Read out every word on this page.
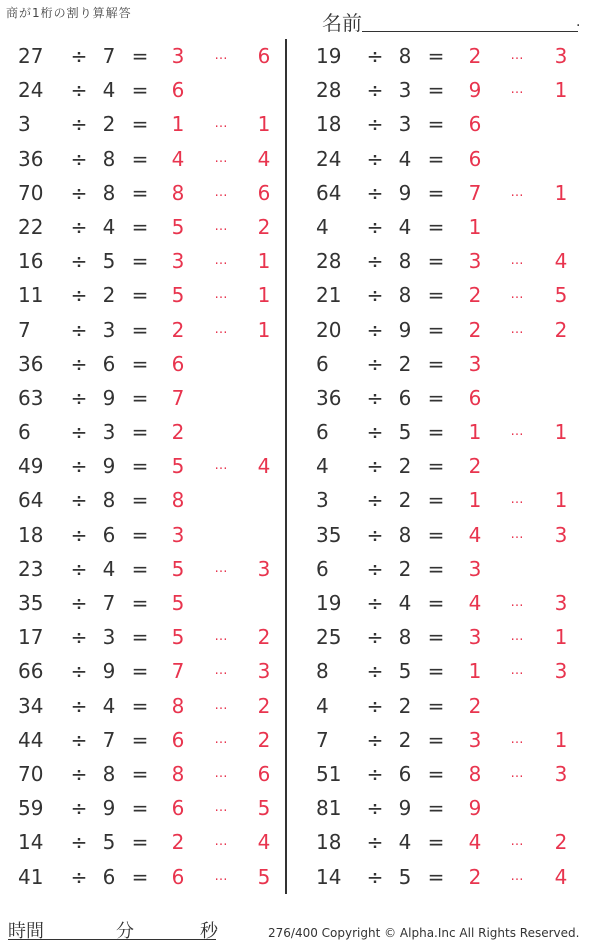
商が1桁の割り算解答	名前	.
27 ÷ 7 = 3	… 6
24 ÷ 4 = 6
3	÷ 2 = 1	… 1
36 ÷ 8 = 4	… 4
70 ÷ 8 = 8	… 6
22 ÷ 4 = 5	… 2
16 ÷ 5 = 3	… 1
11 ÷ 2 = 5	… 1
7	÷ 3 = 2	… 1
36 ÷ 6 = 6
63 ÷ 9 = 7
6	÷ 3 = 2
49 ÷ 9 = 5	… 4
64 ÷ 8 = 8
18 ÷ 6 = 3
23 ÷ 4 = 5	… 3
35 ÷ 7 = 5
17 ÷ 3 = 5	… 2
66 ÷ 9 = 7	… 3
34 ÷ 4 = 8	… 2
44 ÷ 7 = 6	… 2
70 ÷ 8 = 8	… 6
59 ÷ 9 = 6	… 5
14 ÷ 5 = 2	… 4
41 ÷ 6 = 6	… 5
19 ÷ 8 = 2	… 3
28 ÷ 3 = 9	… 1
18 ÷ 3 = 6
24 ÷ 4 = 6
64 ÷ 9 = 7	… 1
4	÷ 4 = 1
28 ÷ 8 = 3	… 4
21 ÷ 8 = 2	… 5
20 ÷ 9 = 2	… 2
6	÷ 2 = 3
36 ÷ 6 = 6
6	÷ 5 = 1	… 1
4	÷ 2 = 2
3	÷ 2 = 1	… 1
35 ÷ 8 = 4	… 3
6	÷ 2 = 3
19 ÷ 4 = 4	… 3
25 ÷ 8 = 3	… 1
8	÷ 5 = 1	… 3
4	÷ 2 = 2
7	÷ 2 = 3	… 1
51 ÷ 6 = 8	… 3
81 ÷ 9 = 9
18 ÷ 4 = 4	… 2
14 ÷ 5 = 2	… 4
時間	分	秒	276/400 Copyright © Alpha.Inc All Rights Reserved.
